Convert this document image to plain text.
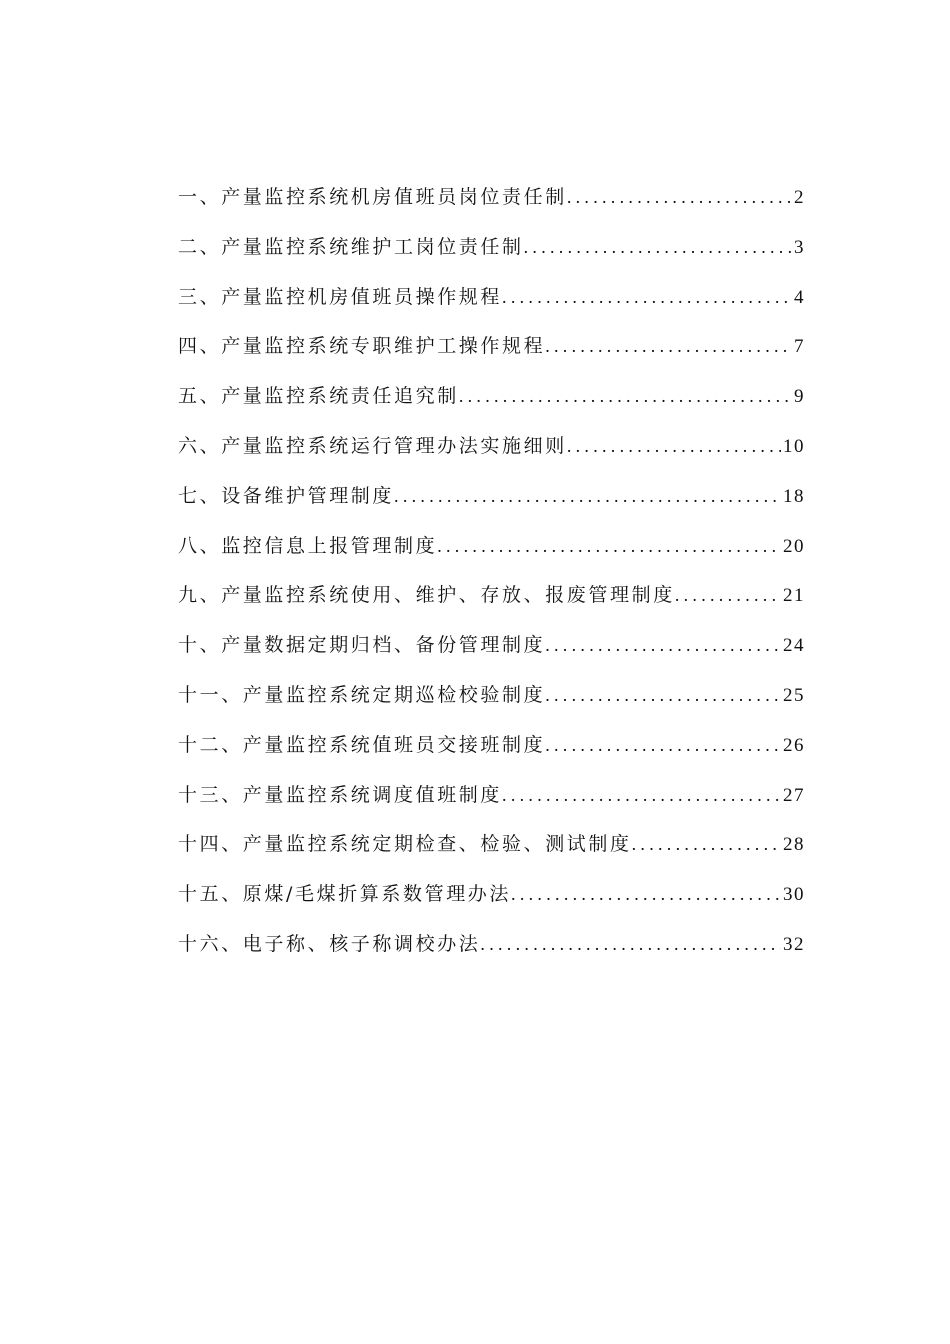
一、产量监控系统机房值班员岗位责任制 .....	2
二、产量监控系统维护工岗位责任制 .....	3
三、产量监控机房值班员操作规程 .....	4
四、产量监控系统专职维护工操作规程 .....	7
五、产量监控系统责任追究制 .....	9
六、产量监控系统运行管理办法实施细则 .....	10
七、设备维护管理制度 .....	18
八、监控信息上报管理制度 .....	20
九、产量监控系统使用、维护、存放、报废管理制度 .....	21
十、产量数据定期归档、备份管理制度 .....	24
十一、产量监控系统定期巡检校验制度 .....	25
十二、产量监控系统值班员交接班制度 .....	26
十三、产量监控系统调度值班制度 .....	27
十四、产量监控系统定期检查、检验、测试制度 .....	28
十五、原煤/毛煤折算系数管理办法 .....	30
十六、电子称、核子称调校办法 .....	32
